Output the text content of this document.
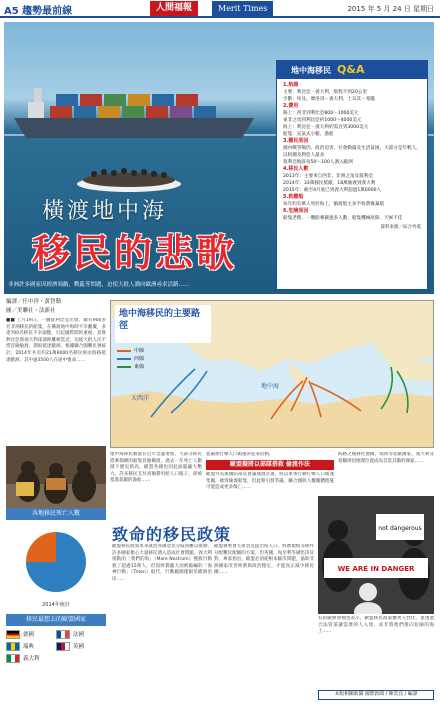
A5 趨勢最前線	人間福報	Merit Times	2015 年 5 月 24 日 星期日
橫渡地中海
移民的悲歌
非洲許多國家因經濟凋敝、戰亂等問題，迫使大批人潮向歐洲尋求活路……
地中海移民 Q&A
1.航線
主要：利比亞－義大利，航程不到20公里
少數：埃及、摩洛哥－義大利、土耳其－希臘
2.費用
路上：西非到利比亞800～1000美元
東非之馬到利比亞約1000～4000美元
海上：利比亞－義大利約需百到3000美元
船隻：充氣式小艇、漁船
3.難民原因
國內戰爭頻仍、政治迫害、社會動蕩及生活貧困，大部分是年輕人，以阿爾及利亞人最多
敘利亞地區每50～100人湧入歐洲
4.移民人數
2013年：主要來自西非、非洲之角及敘利亞
2014年：33萬移民抵歐，18萬偷渡到義大利
2015年：截至4月底已到義大利超過1萬6000人
5.救難船
每年約有萬人死於海上，偷渡船主多半收費後棄船
6.危險原因
船隻老舊、一艘船乘載過多人數，船隻機械故障、天候不佳
資料來源／綜合外電
編譯／任中祥・黃智勤
圖／美聯社・法新社
■■ 上月19日，一艘從利比亞出發、載有900多名非洲移民的船隻，在橫渡地中海時不幸翻覆，多達700名移民不幸溺斃，引起國際間的重視。其實利比亞與義大利南部距離相當近，迫使大批人民不惜冒險偷渡，期盼抵達歐洲。根據聯合國難民署統計，2014年共有約21萬8000名移民經由海路抵達歐洲，其中逾3500人在途中喪命……
地中海移民數量在近年急遽增加，大部分移民搭乘簡陋的船隻冒險橫渡，過去一年死亡人數創下歷史新高，歐盟各國也因此面臨龐大壓力。許多移民支付高額費用給人口販子，卻被塞進超載的漁船……
歐盟外長與國防部長會議通過計畫，將以軍事行動打擊人口販運集團，摧毀偷渡船隻，但此舉引發爭議，聯合國與人權團體擔憂可能造成更多傷亡……
並嚴加打擊人口販運的犯罪活動。	海路之後移往德國、瑞典等北歐國家，義大利及希臘則因地理位置成為首當其衝的國家……
歐盟移民政策本來就因各國意見分歧而難以推動，許多國家擔心大量移民湧入造成社會問題。義大利推動的「我們的海」（Mare Nostrum）搜救行動救了超過15萬人，但因經費龐大而被縮編的「海神行動」（Triton）取代，行動範圍僅限於歐洲沿岸……
歐盟執委會主席容克提出按人口、經濟規模等條件分配難民配額的方案，但英國、匈牙利等國堅決反對。專家指出，歐盟必須從根本解決問題，協助非洲國家改善經濟與政治穩定，才能真正減少移民潮……
有的歐洲領袖也表示，歐盟移民政策應更人性化，並透過合法管道讓需要的人入境，而非將他們推向危險的海上……
地中海移民的主要路徑
中線
西線
東線
大西洋
地中海
歐盟擬將以部隊搭救 偷渡作法
各地移民死亡人數
2014年統計
致命的移民政策
移民最想去的歐盟國家
德國	法國
瑞典	英國
義大利
not dangerous
WE ARE IN DANGER
本版相關新聞 國際新聞 / 陳奕良 / 編譯
